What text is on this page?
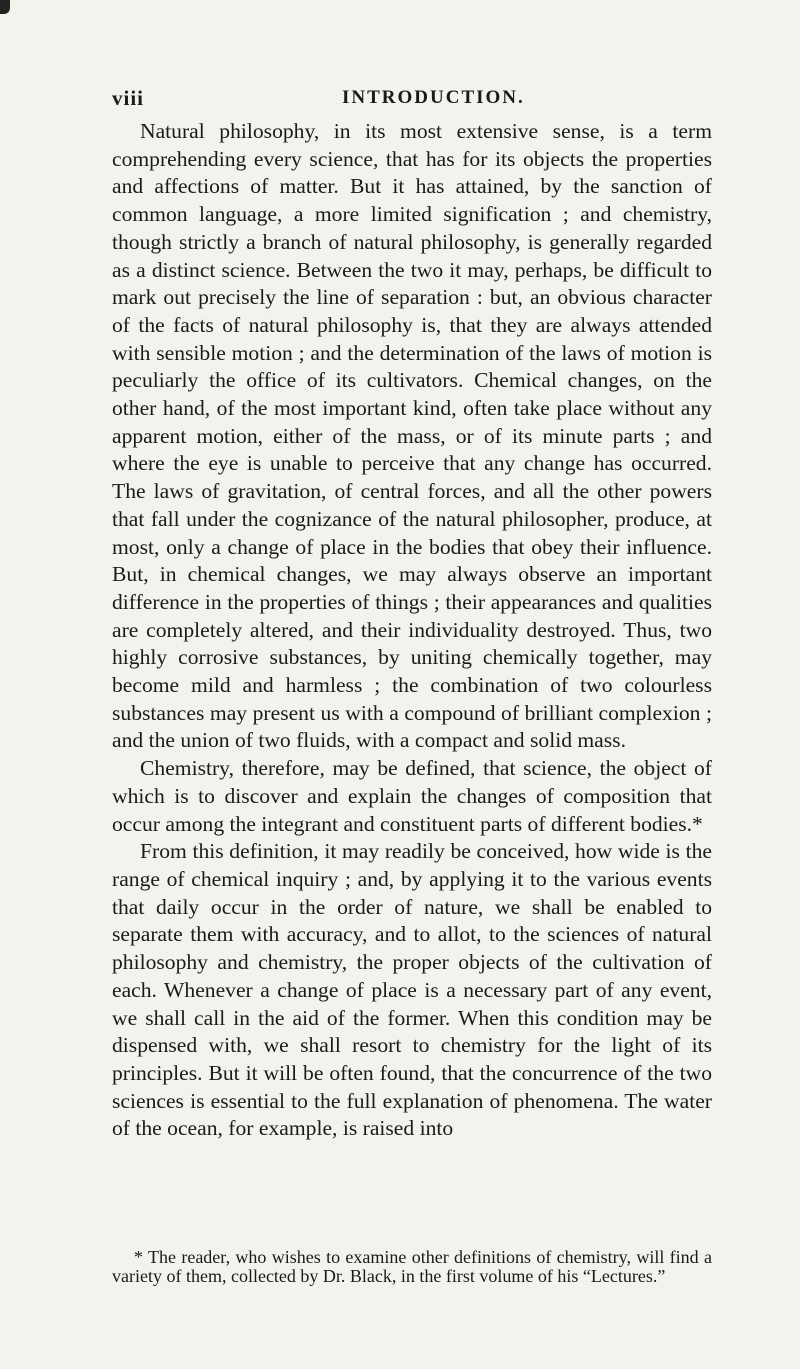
viii	INTRODUCTION.

Natural philosophy, in its most extensive sense, is a term comprehending every science, that has for its objects the properties and affections of matter. But it has attained, by the sanction of common language, a more limited signification ; and chemistry, though strictly a branch of natural philosophy, is generally regarded as a distinct science. Between the two it may, perhaps, be difficult to mark out precisely the line of separation : but, an obvious character of the facts of natural philosophy is, that they are always attended with sensible motion ; and the determination of the laws of motion is peculiarly the office of its cultivators. Chemical changes, on the other hand, of the most important kind, often take place without any apparent motion, either of the mass, or of its minute parts ; and where the eye is unable to perceive that any change has occurred. The laws of gravitation, of central forces, and all the other powers that fall under the cognizance of the natural philosopher, produce, at most, only a change of place in the bodies that obey their influence. But, in chemical changes, we may always observe an important difference in the properties of things ; their appearances and qualities are completely altered, and their individuality destroyed. Thus, two highly corrosive substances, by uniting chemically together, may become mild and harmless ; the combination of two colourless substances may present us with a compound of brilliant complexion ; and the union of two fluids, with a compact and solid mass.

Chemistry, therefore, may be defined, that science, the object of which is to discover and explain the changes of composition that occur among the integrant and constituent parts of different bodies.*

From this definition, it may readily be conceived, how wide is the range of chemical inquiry ; and, by applying it to the various events that daily occur in the order of nature, we shall be enabled to separate them with accuracy, and to allot, to the sciences of natural philosophy and chemistry, the proper objects of the cultivation of each. Whenever a change of place is a necessary part of any event, we shall call in the aid of the former. When this condition may be dispensed with, we shall resort to chemistry for the light of its principles. But it will be often found, that the concurrence of the two sciences is essential to the full explanation of phenomena. The water of the ocean, for example, is raised into

* The reader, who wishes to examine other definitions of chemistry, will find a variety of them, collected by Dr. Black, in the first volume of his “Lectures.”
